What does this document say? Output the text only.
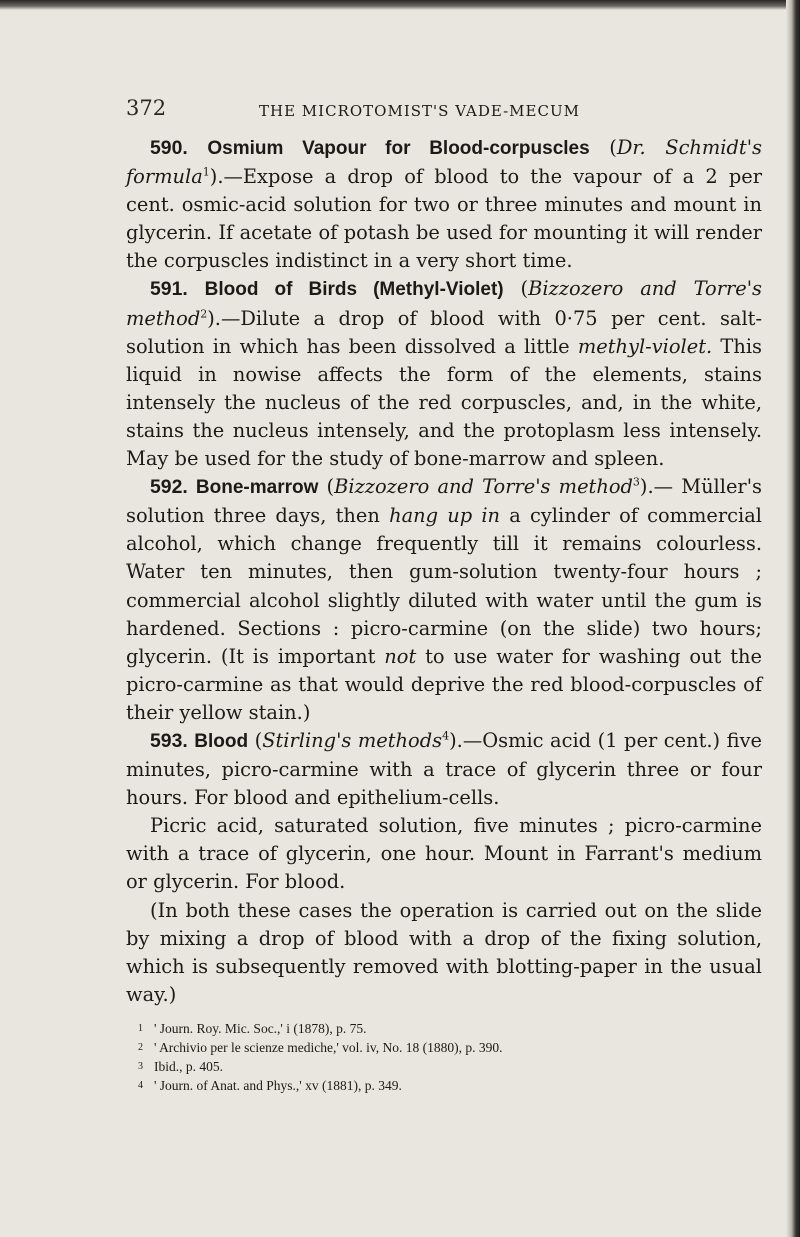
372	THE MICROTOMIST'S VADE-MECUM

590. Osmium Vapour for Blood-corpuscles (Dr. Schmidt's formula$^1$).—Expose a drop of blood to the vapour of a 2 per cent. osmic-acid solution for two or three minutes and mount in glycerin. If acetate of potash be used for mounting it will render the corpuscles indistinct in a very short time.

591. Blood of Birds (Methyl-Violet) (Bizzozero and Torre's method$^2$).—Dilute a drop of blood with 0·75 per cent. salt-solution in which has been dissolved a little methyl-violet. This liquid in nowise affects the form of the elements, stains intensely the nucleus of the red corpuscles, and, in the white, stains the nucleus intensely, and the protoplasm less intensely. May be used for the study of bone-marrow and spleen.

592. Bone-marrow (Bizzozero and Torre's method$^3$).— Müller's solution three days, then hang up in a cylinder of commercial alcohol, which change frequently till it remains colourless. Water ten minutes, then gum-solution twenty-four hours ; commercial alcohol slightly diluted with water until the gum is hardened. Sections : picro-carmine (on the slide) two hours; glycerin. (It is important not to use water for washing out the picro-carmine as that would deprive the red blood-corpuscles of their yellow stain.)

593. Blood (Stirling's methods$^4$).—Osmic acid (1 per cent.) five minutes, picro-carmine with a trace of glycerin three or four hours. For blood and epithelium-cells.

Picric acid, saturated solution, five minutes ; picro-carmine with a trace of glycerin, one hour. Mount in Farrant's medium or glycerin. For blood.

(In both these cases the operation is carried out on the slide by mixing a drop of blood with a drop of the fixing solution, which is subsequently removed with blotting-paper in the usual way.)

1 ' Journ. Roy. Mic. Soc.,' i (1878), p. 75.
2 ' Archivio per le scienze mediche,' vol. iv, No. 18 (1880), p. 390.
3 Ibid., p. 405.
4 ' Journ. of Anat. and Phys.,' xv (1881), p. 349.
